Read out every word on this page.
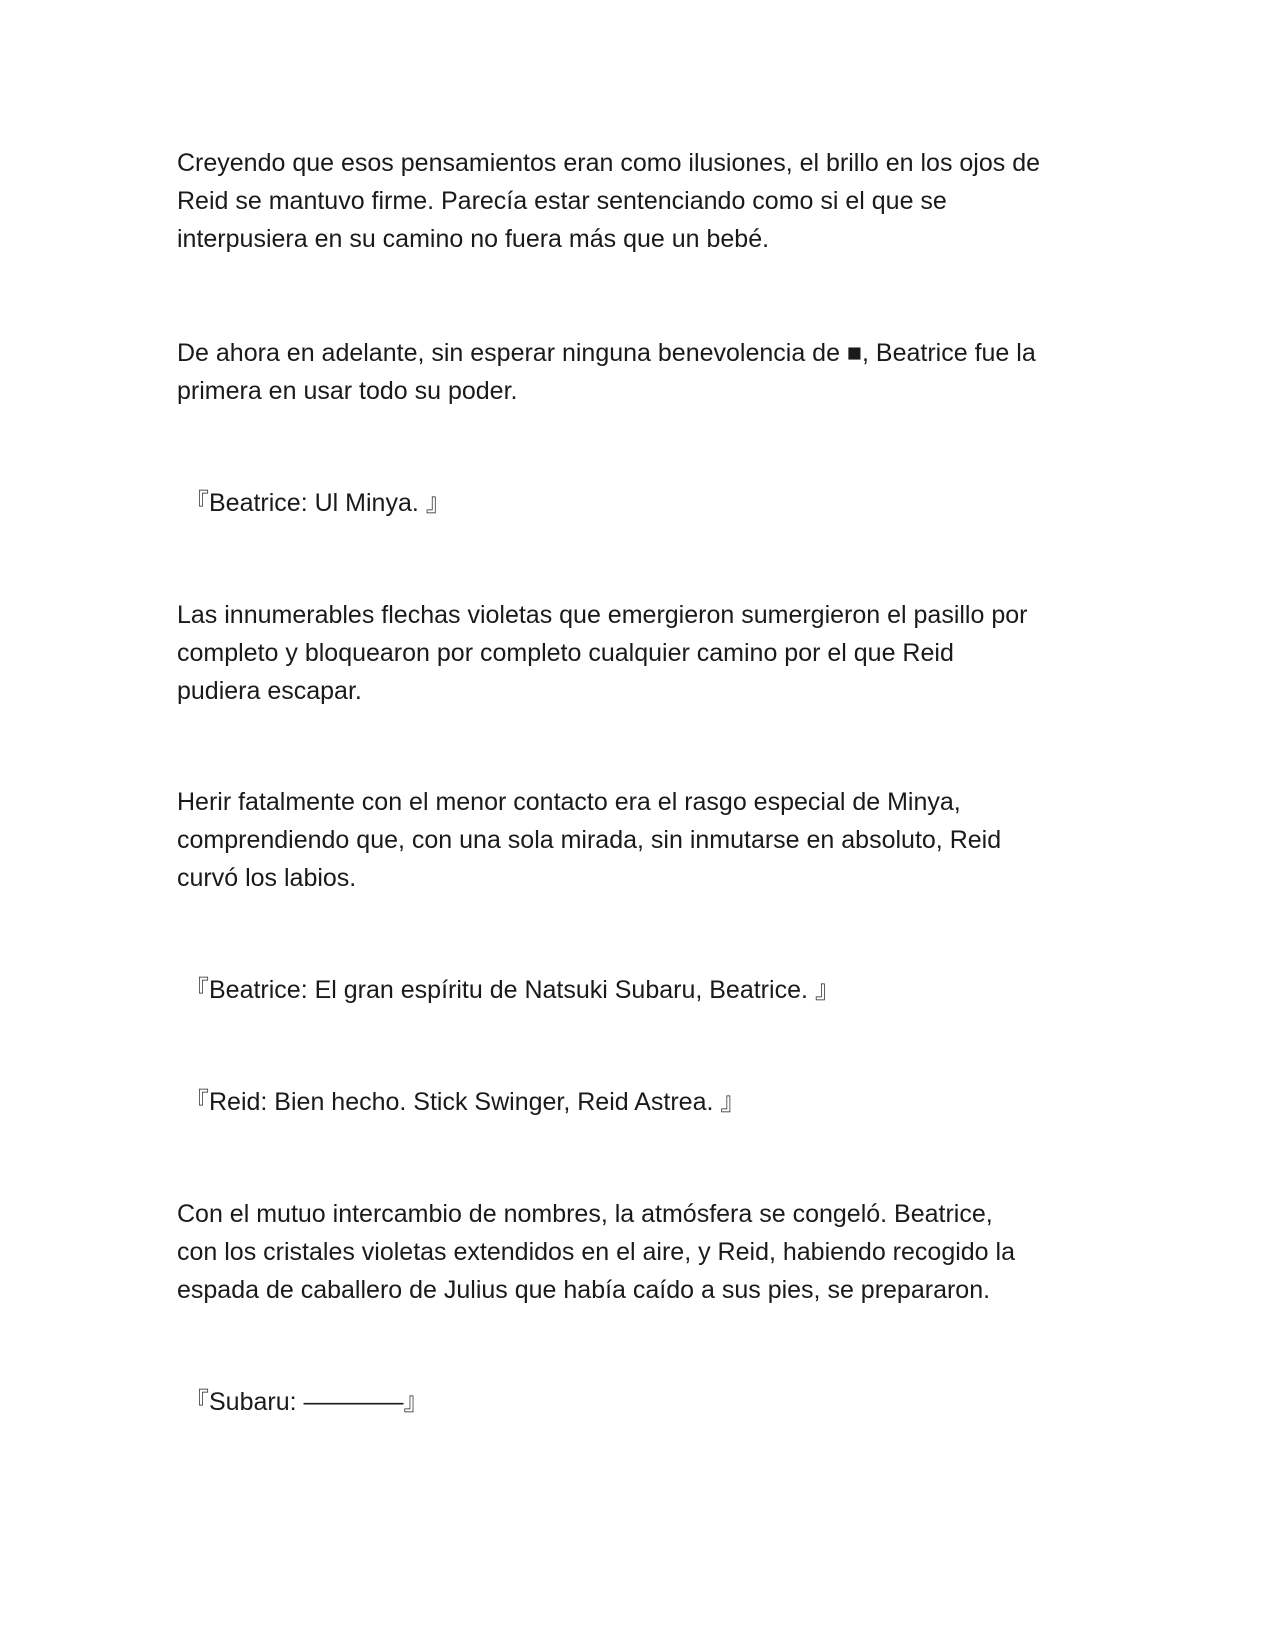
Creyendo que esos pensamientos eran como ilusiones, el brillo en los ojos de
Reid se mantuvo firme. Parecía estar sentenciando como si el que se
interpusiera en su camino no fuera más que un bebé.
De ahora en adelante, sin esperar ninguna benevolencia de ■, Beatrice fue la
primera en usar todo su poder.
『Beatrice: Ul Minya. 』
Las innumerables flechas violetas que emergieron sumergieron el pasillo por
completo y bloquearon por completo cualquier camino por el que Reid
pudiera escapar.
Herir fatalmente con el menor contacto era el rasgo especial de Minya,
comprendiendo que, con una sola mirada, sin inmutarse en absoluto, Reid
curvó los labios.
『Beatrice: El gran espíritu de Natsuki Subaru, Beatrice. 』
『Reid: Bien hecho. Stick Swinger, Reid Astrea. 』
Con el mutuo intercambio de nombres, la atmósfera se congeló. Beatrice,
con los cristales violetas extendidos en el aire, y Reid, habiendo recogido la
espada de caballero de Julius que había caído a sus pies, se prepararon.
『Subaru: ————』
